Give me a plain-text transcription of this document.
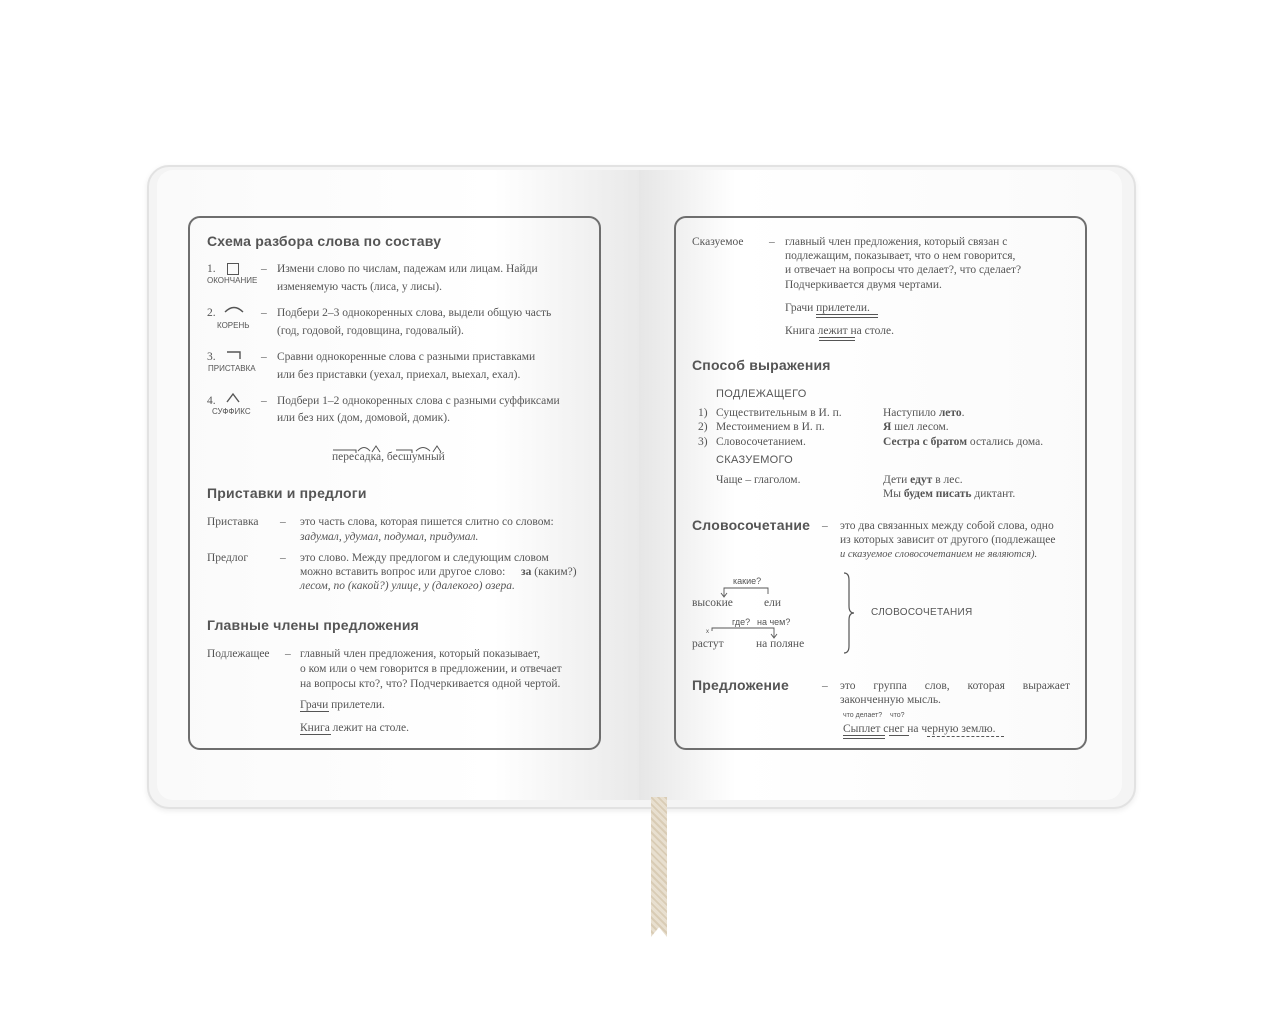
Схема разбора слова по составу
1.
ОКОНЧАНИЕ
– Измени слово по числам, падежам или лицам. Найди
изменяемую часть (лиса, у лисы).
2.
КОРЕНЬ
– Подбери 2–3 однокоренных слова, выдели общую часть
(год, годовой, годовщина, годовалый).
3.
ПРИСТАВКА
– Сравни однокоренные слова с разными приставками
или без приставки (уехал, приехал, выехал, ехал).
4.
СУФФИКС
– Подбери 1–2 однокоренных слова с разными суффиксами
или без них (дом, домовой, домик).
пересадка, бесшумный
Приставки и предлоги
Приставка – это часть слова, которая пишется слитно со словом:
задумал, удумал, подумал, придумал.
Предлог	– это слово. Между предлогом и следующим словом
можно вставить вопрос или другое слово: за (каким?)
лесом, по (какой?) улице, у (далекого) озера.
Главные члены предложения
Подлежащее – главный член предложения, который показывает,
о ком или о чем говорится в предложении, и отвечает
на вопросы кто?, что? Подчеркивается одной чертой.
Грачи прилетели.
Книга лежит на столе.
Сказуемое – главный член предложения, который связан с
подлежащим, показывает, что о нем говорится,
и отвечает на вопросы что делает?, что сделает?
Подчеркивается двумя чертами.
Грачи прилетели.
Книга лежит на столе.
Способ выражения
ПОДЛЕЖАЩЕГО
1) Существительным в И. п.	Наступило лето.
2) Местоимением в И. п.	Я шел лесом.
3) Словосочетанием.	Сестра с братом остались дома.
СКАЗУЕМОГО
Чаще – глаголом.	Дети едут в лес.
Мы будем писать диктант.
Словосочетание – это два связанных между собой слова, одно
из которых зависит от другого (подлежащее
и сказуемое словосочетанием не являются).
какие?
высокие	ели
где? на чем?
х
растут	на поляне
СЛОВОСОЧЕТАНИЯ
Предложение	– это группа слов, которая выражает
законченную мысль.
что делает? что?
Сыплет снег на черную землю.
